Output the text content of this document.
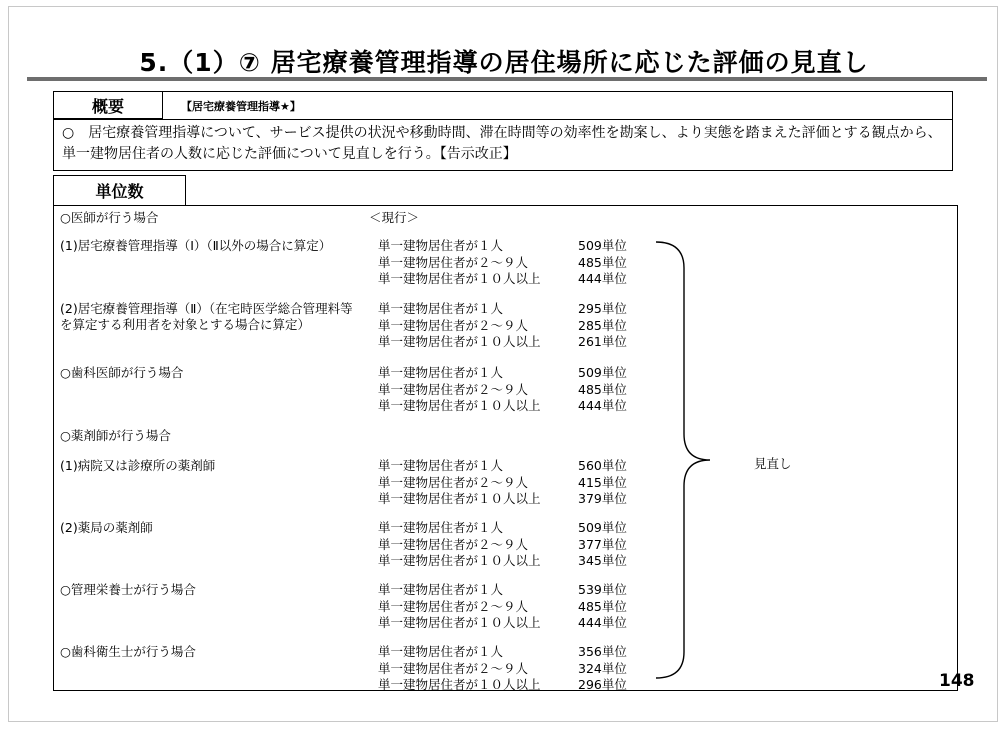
5.（1）⑦ 居宅療養管理指導の居住場所に応じた評価の見直し
概要	【居宅療養管理指導★】
○　居宅療養管理指導について、サービス提供の状況や移動時間、滞在時間等の効率性を勘案し、より実態を踏まえた評価とする観点から、単一建物居住者の人数に応じた評価について見直しを行う。【告示改正】
単位数
○医師が行う場合	＜現行＞
(1)居宅療養管理指導（Ⅰ）（Ⅱ以外の場合に算定）	単一建物居住者が１人	509単位
単一建物居住者が２～９人	485単位
単一建物居住者が１０人以上	444単位
(2)居宅療養管理指導（Ⅱ）（在宅時医学総合管理料等を算定する利用者を対象とする場合に算定）
単一建物居住者が１人	295単位
単一建物居住者が２～９人	285単位
単一建物居住者が１０人以上	261単位
○歯科医師が行う場合	単一建物居住者が１人	509単位
単一建物居住者が２～９人	485単位
単一建物居住者が１０人以上	444単位
○薬剤師が行う場合
(1)病院又は診療所の薬剤師	単一建物居住者が１人	560単位
単一建物居住者が２～９人	415単位
単一建物居住者が１０人以上	379単位
(2)薬局の薬剤師	単一建物居住者が１人	509単位
単一建物居住者が２～９人	377単位
単一建物居住者が１０人以上	345単位
○管理栄養士が行う場合	単一建物居住者が１人	539単位
単一建物居住者が２～９人	485単位
単一建物居住者が１０人以上	444単位
○歯科衛生士が行う場合	単一建物居住者が１人	356単位
単一建物居住者が２～９人	324単位
単一建物居住者が１０人以上	296単位
見直し
148
